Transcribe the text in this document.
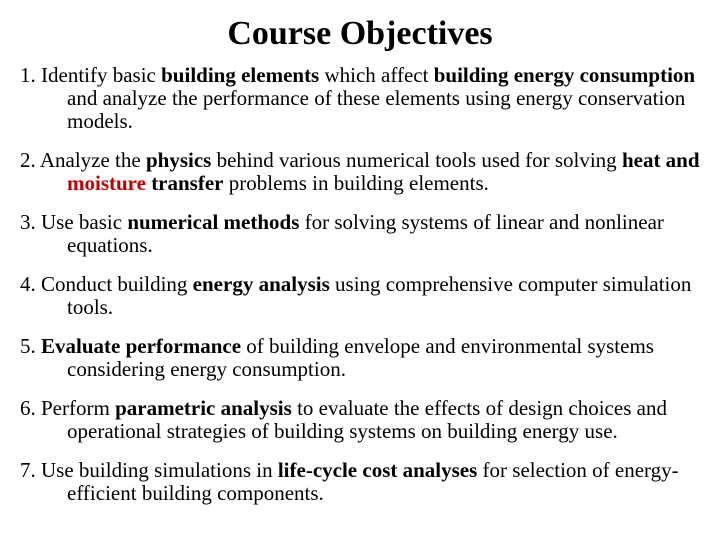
Course Objectives
1. Identify basic building elements which affect building energy consumption and analyze the performance of these elements using energy conservation models.
2. Analyze the physics behind various numerical tools used for solving heat and moisture transfer problems in building elements.
3. Use basic numerical methods for solving systems of linear and nonlinear equations.
4. Conduct building energy analysis using comprehensive computer simulation tools.
5. Evaluate performance of building envelope and environmental systems considering energy consumption.
6. Perform parametric analysis to evaluate the effects of design choices and operational strategies of building systems on building energy use.
7. Use building simulations in life-cycle cost analyses for selection of energy-efficient building components.
